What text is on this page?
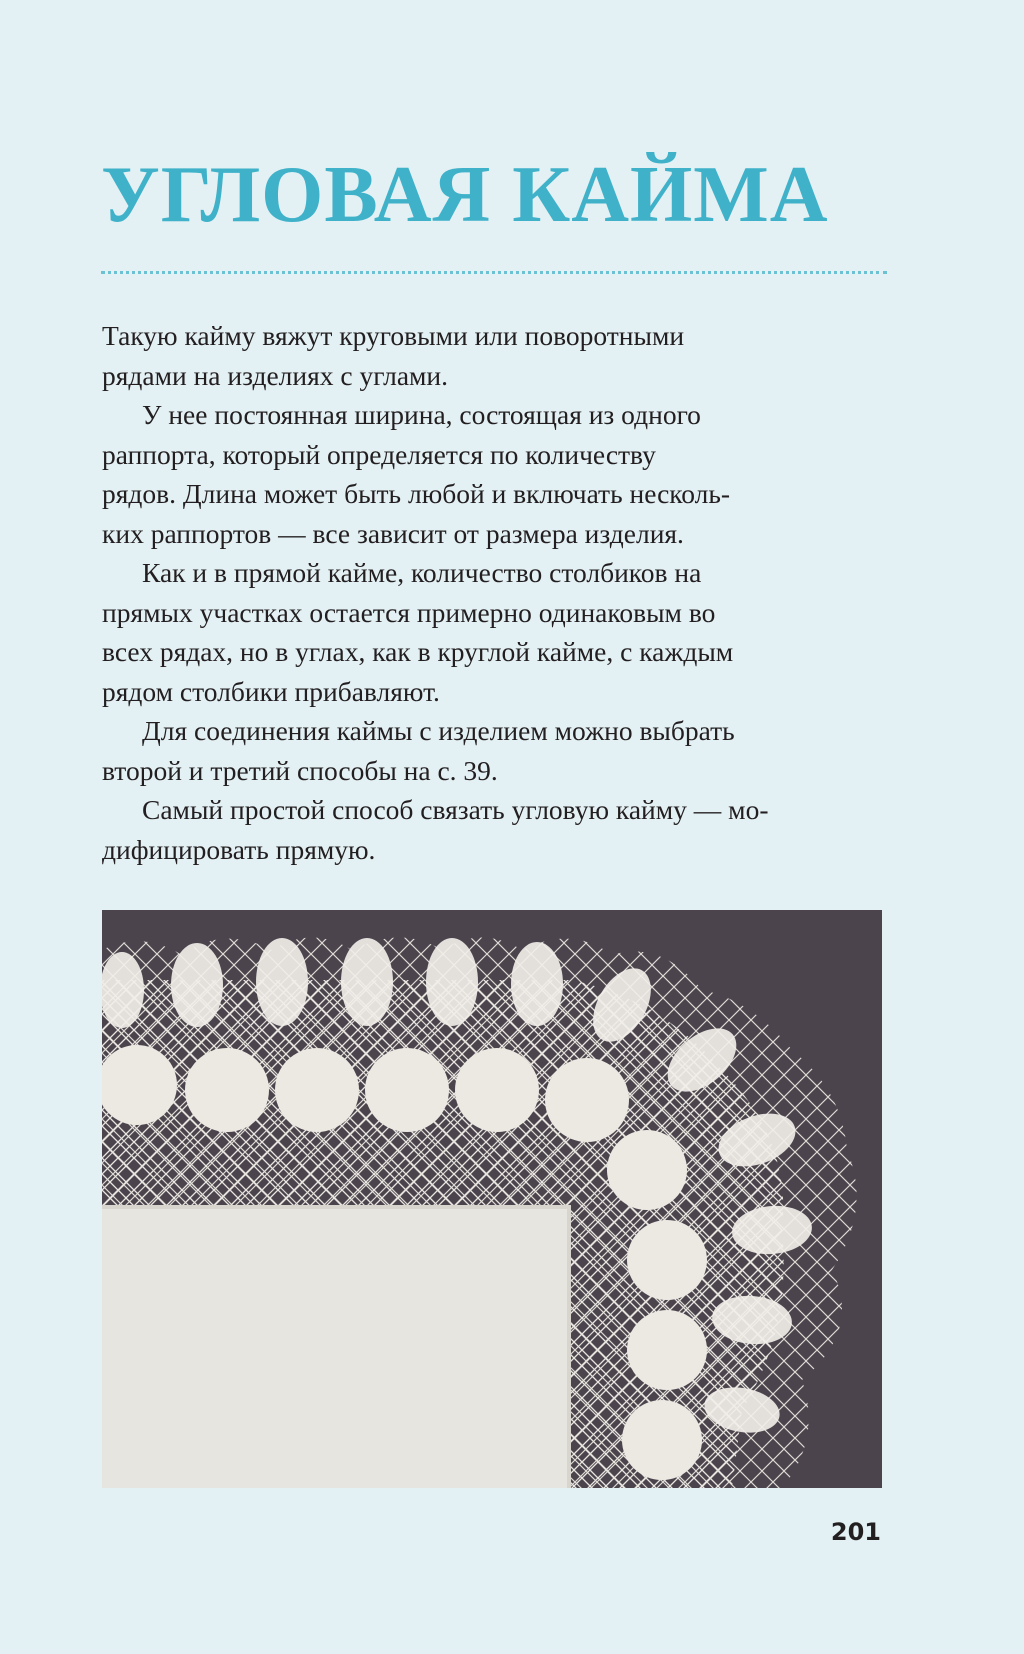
УГЛОВАЯ КАЙМА
Такую кайму вяжут круговыми или поворотными
рядами на изделиях с углами.
У нее постоянная ширина, состоящая из одного
раппорта, который определяется по количеству
рядов. Длина может быть любой и включать несколь-
ких раппортов — все зависит от размера изделия.
Как и в прямой кайме, количество столбиков на
прямых участках остается примерно одинаковым во
всех рядах, но в углах, как в круглой кайме, с каждым
рядом столбики прибавляют.
Для соединения каймы с изделием можно выбрать
второй и третий способы на с. 39.
Самый простой способ связать угловую кайму — мо-
дифицировать прямую.
201
